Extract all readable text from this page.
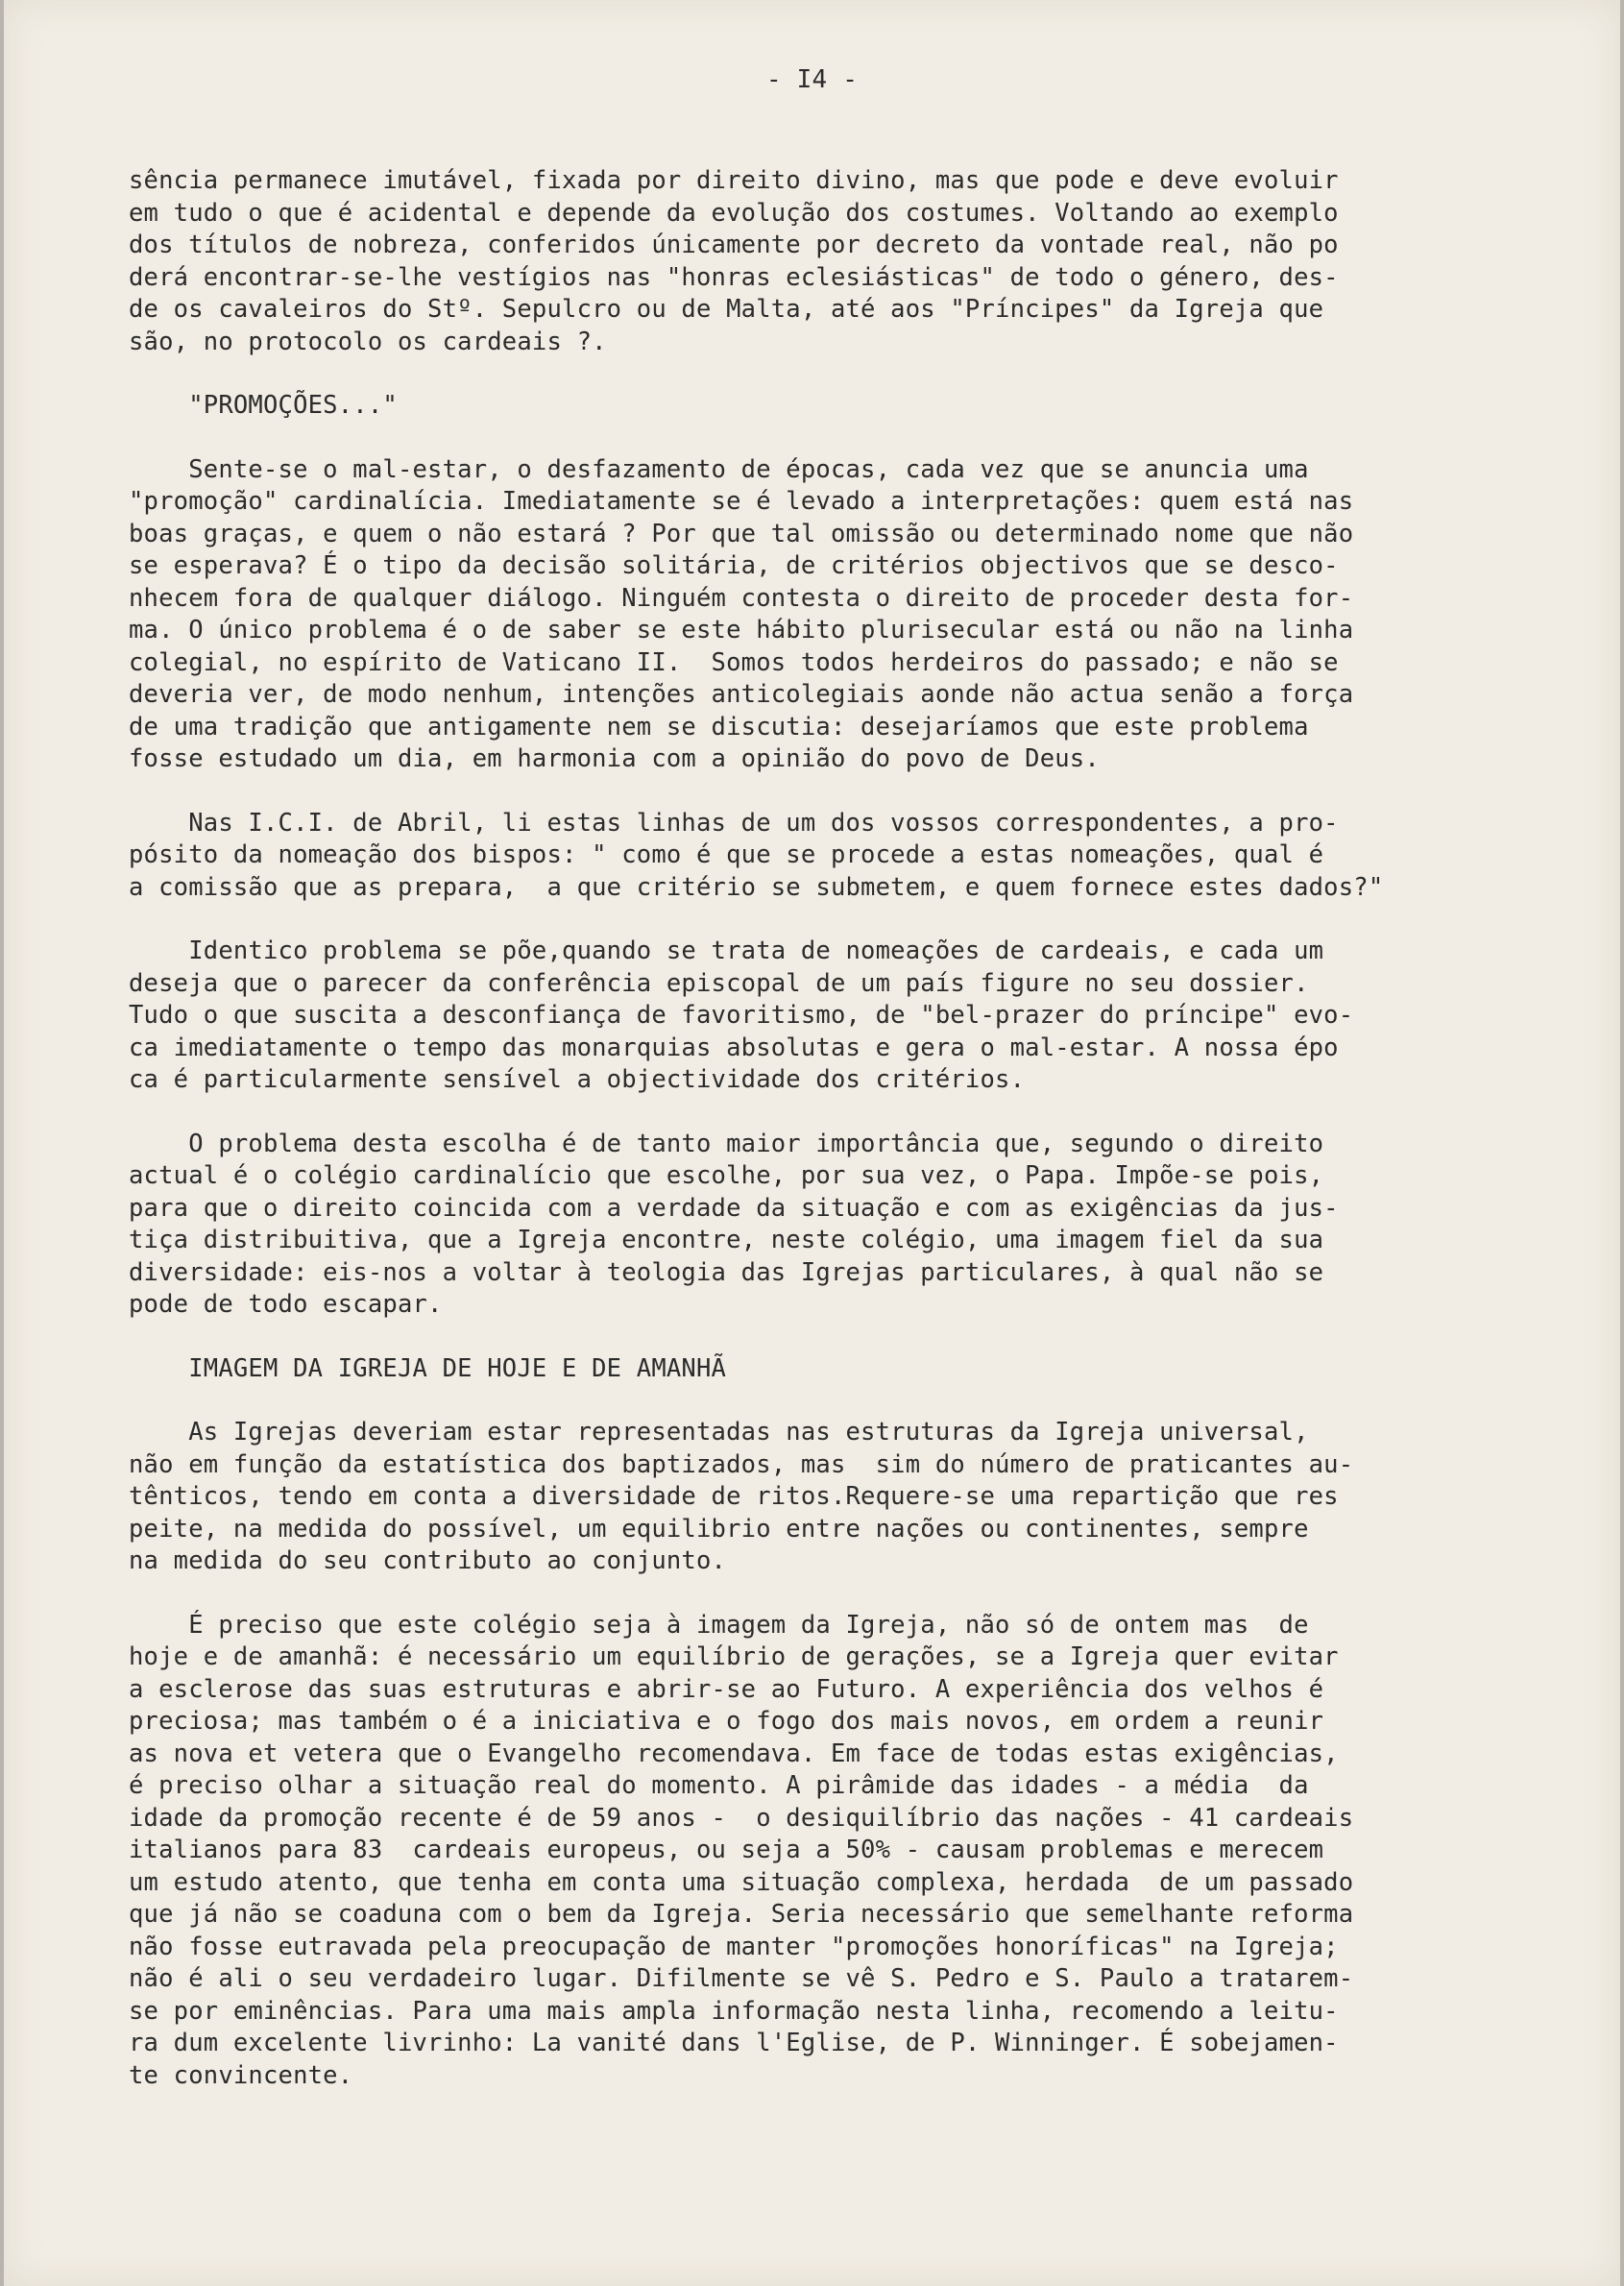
- I4 -
sência permanece imutável, fixada por direito divino, mas que pode e deve evoluir
em tudo o que é acidental e depende da evolução dos costumes. Voltando ao exemplo
dos títulos de nobreza, conferidos únicamente por decreto da vontade real, não po
derá encontrar-se-lhe vestígios nas "honras eclesiásticas" de todo o género, des-
de os cavaleiros do Stº. Sepulcro ou de Malta, até aos "Príncipes" da Igreja que
são, no protocolo os cardeais ?.
"PROMOÇÕES..."
Sente-se o mal-estar, o desfazamento de épocas, cada vez que se anuncia uma
"promoção" cardinalícia. Imediatamente se é levado a interpretações: quem está nas
boas graças, e quem o não estará ? Por que tal omissão ou determinado nome que não
se esperava? É o tipo da decisão solitária, de critérios objectivos que se desco-
nhecem fora de qualquer diálogo. Ninguém contesta o direito de proceder desta for-
ma. O único problema é o de saber se este hábito plurisecular está ou não na linha
colegial, no espírito de Vaticano II.  Somos todos herdeiros do passado; e não se
deveria ver, de modo nenhum, intenções anticolegiais aonde não actua senão a força
de uma tradição que antigamente nem se discutia: desejaríamos que este problema
fosse estudado um dia, em harmonia com a opinião do povo de Deus.
Nas I.C.I. de Abril, li estas linhas de um dos vossos correspondentes, a pro-
pósito da nomeação dos bispos: " como é que se procede a estas nomeações, qual é
a comissão que as prepara,  a que critério se submetem, e quem fornece estes dados?"
Identico problema se põe,quando se trata de nomeações de cardeais, e cada um
deseja que o parecer da conferência episcopal de um país figure no seu dossier.
Tudo o que suscita a desconfiança de favoritismo, de "bel-prazer do príncipe" evo-
ca imediatamente o tempo das monarquias absolutas e gera o mal-estar. A nossa épo
ca é particularmente sensível a objectividade dos critérios.
O problema desta escolha é de tanto maior importância que, segundo o direito
actual é o colégio cardinalício que escolhe, por sua vez, o Papa. Impõe-se pois,
para que o direito coincida com a verdade da situação e com as exigências da jus-
tiça distribuitiva, que a Igreja encontre, neste colégio, uma imagem fiel da sua
diversidade: eis-nos a voltar à teologia das Igrejas particulares, à qual não se
pode de todo escapar.
IMAGEM DA IGREJA DE HOJE E DE AMANHÃ
As Igrejas deveriam estar representadas nas estruturas da Igreja universal,
não em função da estatística dos baptizados, mas  sim do número de praticantes au-
tênticos, tendo em conta a diversidade de ritos.Requere-se uma repartição que res
peite, na medida do possível, um equilibrio entre nações ou continentes, sempre
na medida do seu contributo ao conjunto.
É preciso que este colégio seja à imagem da Igreja, não só de ontem mas  de
hoje e de amanhã: é necessário um equilíbrio de gerações, se a Igreja quer evitar
a esclerose das suas estruturas e abrir-se ao Futuro. A experiência dos velhos é
preciosa; mas também o é a iniciativa e o fogo dos mais novos, em ordem a reunir
as nova et vetera que o Evangelho recomendava. Em face de todas estas exigências,
é preciso olhar a situação real do momento. A pirâmide das idades - a média  da
idade da promoção recente é de 59 anos -  o desiquilíbrio das nações - 41 cardeais
italianos para 83  cardeais europeus, ou seja a 50% - causam problemas e merecem
um estudo atento, que tenha em conta uma situação complexa, herdada  de um passado
que já não se coaduna com o bem da Igreja. Seria necessário que semelhante reforma
não fosse eutravada pela preocupação de manter "promoções honoríficas" na Igreja;
não é ali o seu verdadeiro lugar. Difilmente se vê S. Pedro e S. Paulo a tratarem-
se por eminências. Para uma mais ampla informação nesta linha, recomendo a leitu-
ra dum excelente livrinho: La vanité dans l'Eglise, de P. Winninger. É sobejamen-
te convincente.
